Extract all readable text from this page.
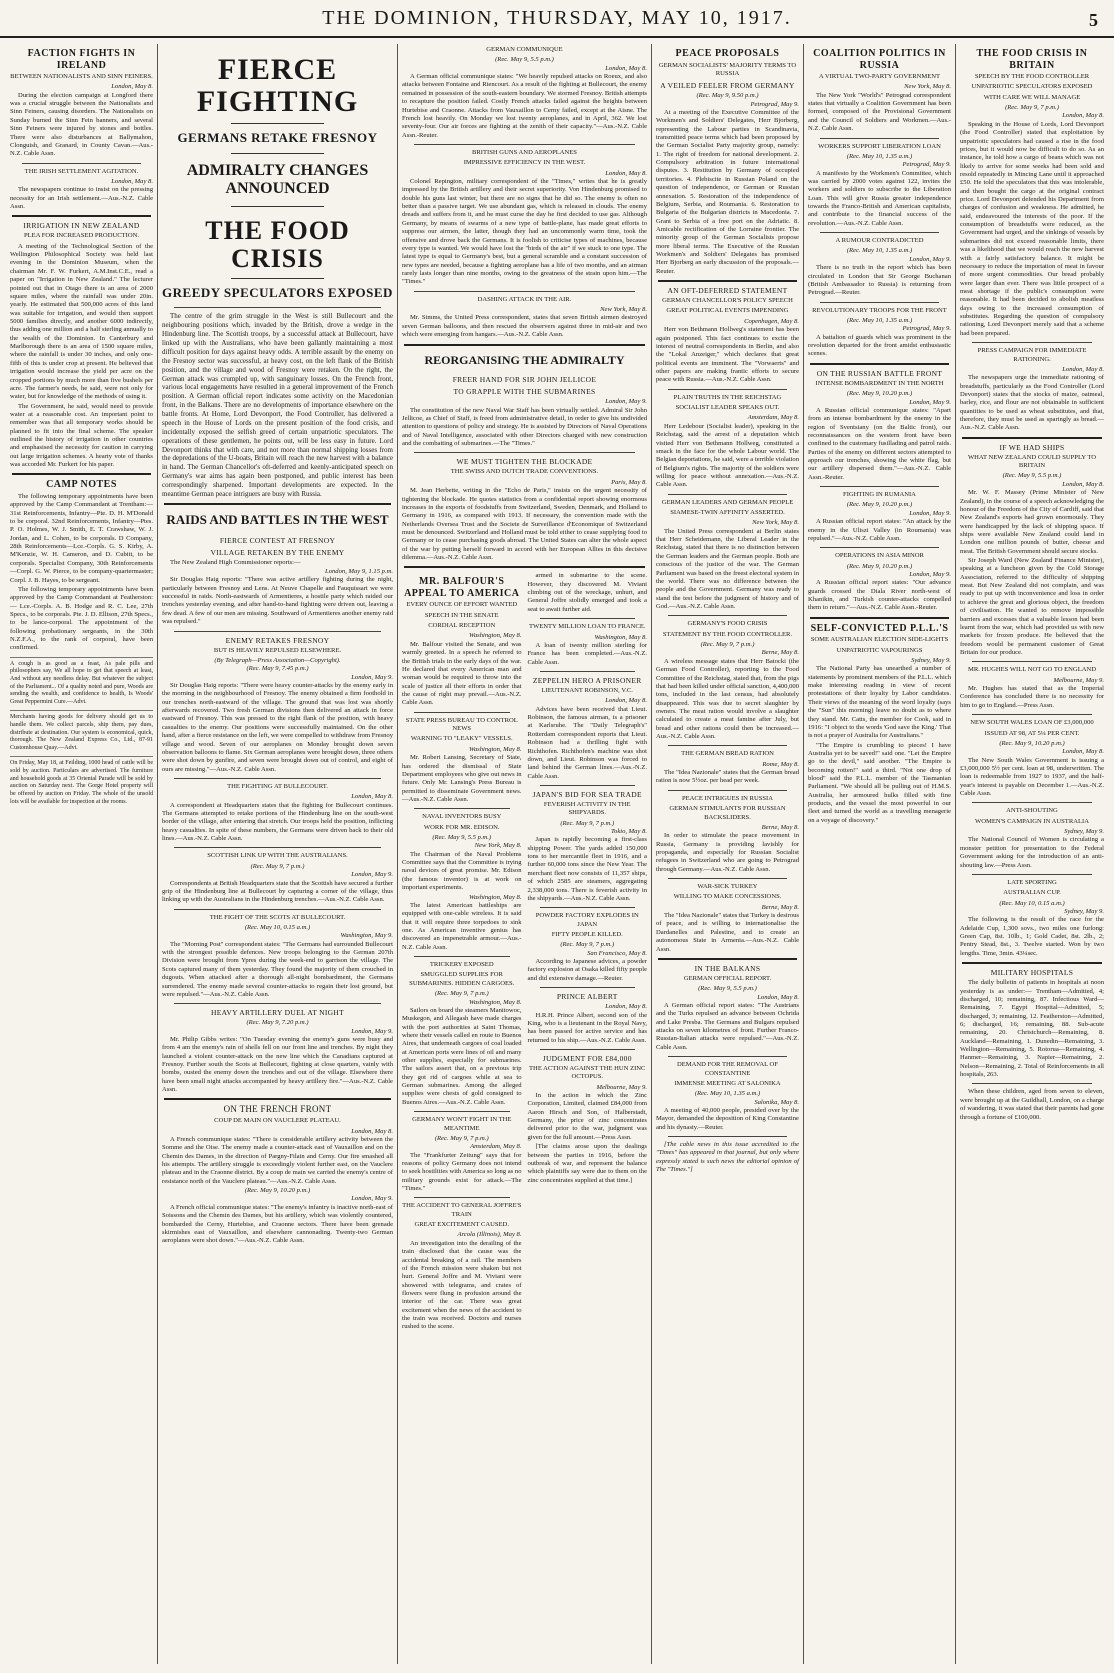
THE DOMINION, THURSDAY, MAY 10, 1917.	5
FACTION FIGHTS IN IRELAND
BETWEEN NATIONALISTS AND SINN FEINERS.
London, May 8.

During the election campaign at Longford there was a crucial struggle between the Nationalists and Sinn Feiners, causing disorders. The Nationalists on Sunday burned the Sinn Fein banners, and several Sinn Feiners were injured by stones and bottles. There were also disturbances at Ballymahon, Clonguish, and Granard, in County Cavan.—Aus.-N.Z. Cable Assn.

THE IRISH SETTLEMENT AGITATION.
London, May 8.

The newspapers continue to insist on the pressing necessity for an Irish settlement.—Aus.-N.Z. Cable Assn.

IRRIGATION IN NEW ZEALAND
PLEA FOR INCREASED PRODUCTION.

A meeting of the Technological Section of the Wellington Philosophical Society was held last evening in the Dominion Museum, when the chairman Mr. F. W. Furkert, A.M.Inst.C.E., read a paper on "Irrigation in New Zealand." The lecturer pointed out that in Otago there is an area of 2000 square miles, where the rainfall was under 20in. yearly. He estimated that 500,000 acres of this land was suitable for irrigation, and would then support 5000 families directly, and another 6000 indirectly, thus adding one million and a half sterling annually to the wealth of the Dominion. In Canterbury and Marlborough there is an area of 1500 square miles, where the rainfall is under 30 inches, and only one-fifth of this is under crop at present. He believed that irrigation would increase the yield per acre on the cropped portions by much more than five bushels per acre. The farmer's needs, he said, were not only for water, but for knowledge of the methods of using it.

The Government, he said, would need to provide water at a reasonable cost. An important point to remember was that all temporary works should be planned to fit into the final scheme. The speaker outlined the history of irrigation in other countries and emphasised the necessity for caution in carrying out large irrigation schemes. A hearty vote of thanks was accorded Mr. Furkert for his paper.

CAMP NOTES

The following temporary appointments have been approved by the Camp Commandant at Trentham:— 31st Reinforcements, Infantry—Pte. D. H. M'Donald to be corporal. 32nd Reinforcements, Infantry—Ptes. P. O. Holmes, W. J. Smith, E. T. Crawshaw, W. J. Jordan, and L. Cohen, to be corporals. D Company, 28th Reinforcements—Lce.-Corpls. G. S. Kirby, A. M'Kenzie, W. H. Cameron, and D. Cubitt, to be corporals. Specialist Company, 30th Reinforcements—Corpl. G. W. Pierce, to be company-quartermaster; Corpl. J. B. Hayes, to be sergeant.

The following temporary appointments have been approved by the Camp Commandant at Featherston:— Lce.-Corpls. A. B. Hodge and R. C. Lee, 27th Specs., to be corporals. Pte. J. D. Ellison, 27th Specs., to be lance-corporal. The appointment of the following probationary sergeants, in the 30th N.Z.F.A., to the rank of corporal, have been confirmed.

A cough is as good as a feast, As pale pills and philosophers say, We all hope to get that speech at least, And without any needless delay. But whatever the subject of the Parliament... Of a quality noted and pure, Woods are sending the wealth, and confidence to health, Is Woods' Great Peppermint Cure.—Advt.
Merchants having goods for delivery should get us to handle them. We collect parcels, ship them, pay dues, distribute at destination. Our system is economical, quick, thorough. The New Zealand Express Co., Ltd., 87-91 Customhouse Quay.—Advt.
On Friday, May 18, at Feilding, 1000 head of cattle will be sold by auction. Particulars are advertised. The furniture and household goods at 35 Oriental Parade will be sold by auction on Saturday next. The Gorge Hotel property will be offered by auction on Friday. The whole of the unsold lots will be available for inspection at the rooms.
FIERCE FIGHTING
GERMANS RETAKE FRESNOY
ADMIRALTY CHANGES ANNOUNCED
THE FOOD CRISIS
GREEDY SPECULATORS EXPOSED

The centre of the grim struggle in the West is still Bullecourt and the neighbouring positions which, invaded by the British, drove a wedge in the Hindenburg line. The Scottish troops, by a successful attack at Bullecourt, have linked up with the Australians, who have been gallantly maintaining a most difficult position for days against heavy odds. A terrible assault by the enemy on the Fresnoy sector was successful, at heavy cost, on the left flank of the British position, and the village and wood of Fresnoy were retaken. On the right, the German attack was crumpled up, with sanguinary losses. On the French front, various local engagements have resulted in a general improvement of the French position. A German official report indicates some activity on the Macedonian front, in the Balkans. There are no developments of importance elsewhere on the battle fronts. At Home, Lord Devonport, the Food Controller, has delivered a speech in the House of Lords on the present position of the food crisis, and incidentally exposed the selfish greed of certain unpatriotic speculators. The operations of these gentlemen, he points out, will be less easy in future. Lord Devonport thinks that with care, and not more than normal shipping losses from the depredations of the U-boats, Britain will reach the new harvest with a balance in hand. The German Chancellor's oft-deferred and keenly-anticipated speech on Germany's war aims has again been postponed, and public interest has been correspondingly sharpened. Important developments are expected. In the meantime German peace intriguers are busy with Russia.

RAIDS AND BATTLES IN THE WEST
FIERCE CONTEST AT FRESNOY
VILLAGE RETAKEN BY THE ENEMY

The New Zealand High Commissioner reports:—

London, May 9, 1.15 p.m.

Sir Douglas Haig reports: "There was active artillery fighting during the night, particularly between Fresnoy and Lens. At Neuve Chapelle and Fauquissart we were successful in raids. North-eastwards of Armentieres, a hostile party which raided our trenches yesterday evening, and after hand-to-hand fighting were driven out, leaving a few dead. A few of our men are missing. Southward of Armentieres another enemy raid was repulsed."

ENEMY RETAKES FRESNOY
BUT IS HEAVILY REPULSED ELSEWHERE.
(By Telegraph—Press Association—Copyright).
(Rec. May 9, 7.45 p.m.)
London, May 9.

Sir Douglas Haig reports: "There were heavy counter-attacks by the enemy early in the morning in the neighbourhood of Fresnoy. The enemy obtained a firm foothold in our trenches north-eastward of the village. The ground that was lost was shortly afterwards recovered. Two fresh German divisions then delivered an attack in force eastward of Fresnoy. This was pressed to the right flank of the position, with heavy casualties to the enemy. Our positions were successfully maintained. On the other hand, after a fierce resistance on the left, we were compelled to withdraw from Fresnoy village and wood. Seven of our aeroplanes on Monday brought down seven observation balloons to flame. Six German aeroplanes were brought down, three others were shot down by gunfire, and seven were brought down out of control, and eight of ours are missing."—Aus.-N.Z. Cable Assn.

THE FIGHTING AT BULLECOURT.
London, May 8.

A correspondent at Headquarters states that the fighting for Bullecourt continues. The Germans attempted to retake portions of the Hindenburg line on the south-west border of the village, after entering that stretch. Our troops held the position, inflicting heavy casualties. In spite of these numbers, the Germans were driven back to their old lines.—Aus.-N.Z. Cable Assn.

SCOTTISH LINK UP WITH THE AUSTRALIANS.
(Rec. May 9, 7 p.m.)
London, May 9.

Correspondents at British Headquarters state that the Scottish have secured a further grip of the Hindenburg line at Bullecourt by capturing a corner of the village, thus linking up with the Australians in the Hindenburg trenches.—Aus.-N.Z. Cable Assn.

THE FIGHT OF THE SCOTS AT BULLECOURT.
(Rec. May 10, 0.15 a.m.)
Washington, May 9.

The "Morning Post" correspondent states: "The Germans had surrounded Bullecourt with the strongest possible defences. New troops belonging to the German 207th Division were brought from Ypres during the week-end to garrison the village. The Scots captured many of them yesterday. They found the majority of them crouched in dugouts. When attacked after a thorough all-night bombardment, the Germans surrendered. The enemy made several counter-attacks to regain their lost ground, but were repulsed."—Aus.-N.Z. Cable Assn.

HEAVY ARTILLERY DUEL AT NIGHT
(Rec. May 9, 7.20 p.m.)
London, May 9.

Mr. Philip Gibbs writes: "On Tuesday evening the enemy's guns were busy and from 4 am the enemy's rain of shells fell on our front line and trenches. By night they launched a violent counter-attack on the new line which the Canadians captured at Fresnoy. Further south the Scots at Bullecourt, fighting at close quarters, vainly with bombs, ousted the enemy down the trenches and out of the village. Elsewhere there have been small night attacks accompanied by heavy artillery fire."—Aus.-N.Z. Cable Assn.

ON THE FRENCH FRONT
COUP DE MAIN ON VAUCLERE PLATEAU.
London, May 8.

A French communique states: "There is considerable artillery activity between the Somme and the Oise. The enemy made a counter-attack east of Vauxaillon and on the Chemin des Dames, in the direction of Pargny-Filain and Cerny. Our fire smashed all his attempts. The artillery struggle is exceedingly violent further east, on the Vauclere plateau and in the Craonne district. By a coup de main we carried the enemy's centre of resistance north of the Vauclere plateau."—Aus.-N.Z. Cable Assn.

(Rec. May 9, 10.20 p.m.)
London, May 9.

A French official communique states: "The enemy's infantry is inactive north-east of Soissons and the Chemin des Dames, but his artillery, which was violently countered, bombarded the Cerny, Hurtebise, and Craonne sectors. There have been grenade skirmishes east of Vauxaillon, and elsewhere cannonading. Twenty-two German aeroplanes were shot down."—Aus.-N.Z. Cable Assn.

GERMAN COMMUNIQUE
(Rec. May 9, 5.5 p.m.)
London, May 8.

A German official communique states: "We heavily repulsed attacks on Roeux, and also attacks between Fontaine and Riencourt. As a result of the fighting at Bullecourt, the enemy remained in possession of the south-eastern boundary. We stormed Fresnoy. British attempts to recapture the position failed. Costly French attacks failed against the heights between Hurtebise and Craonne. Attacks from Vauxaillon to Cerny failed, except at the Aisne. The French lost heavily. On Monday we lost twenty aeroplanes, and in April, 362. We lost seventy-four. Our air forces are fighting at the zenith of their capacity."—Aus.-N.Z. Cable Assn.-Reuter.

BRITISH GUNS AND AEROPLANES
IMPRESSIVE EFFICIENCY IN THE WEST.
London, May 8.

Colonel Repington, military correspondent of the "Times," writes that he is greatly impressed by the British artillery and their secret superiority. Von Hindenburg promised to double his guns last winter, but there are no signs that he did so. The enemy is often no better than a passive target. We use abundant gas, which is released in clouds. The enemy dreads and suffers from it, and he must curse the day he first decided to use gas. Although Germany, by means of swarms of a new type of battle-plane, has made great efforts to suppress our airmen, the latter, though they had an uncommonly warm time, took the offensive and drove back the Germans. It is foolish to criticise types of machines, because every type is wanted. We would have lost the "birds of the air" if we stuck to one type. The latest type is equal to Germany's best, but a general scramble and a constant succession of new types are needed, because a fighting aeroplane has a life of two months, and an airman rarely lasts longer than nine months, owing to the greatness of the strain upon him.—The "Times."

DASHING ATTACK IN THE AIR.
New York, May 8.

Mr. Simms, the United Press correspondent, states that seven British airmen destroyed seven German balloons, and then rescued the observers against three in mid-air and two which were emerging from hangars.—Aus.-N.Z. Cable Assn.

REORGANISING THE ADMIRALTY
FREER HAND FOR SIR JOHN JELLICOE
TO GRAPPLE WITH THE SUBMARINES
London, May 9.

The constitution of the new Naval War Staff has been virtually settled. Admiral Sir John Jellicoe, as Chief of Staff, is freed from administrative detail, in order to give his undivided attention to questions of policy and strategy. He is assisted by Directors of Naval Operations and of Naval Intelligence, associated with other Directors charged with new construction and the combatting of submarines.—The "Times."

WE MUST TIGHTEN THE BLOCKADE
THE SWISS AND DUTCH TRADE CONVENTIONS.
Paris, May 8.

M. Jean Herbette, writing in the "Echo de Paris," insists on the urgent necessity of tightening the blockade. He quotes statistics from a confidential report showing enormous increases in the exports of foodstuffs from Switzerland, Sweden, Denmark, and Holland to Germany in 1916, as compared with 1913. If necessary, the convention made with the Netherlands Oversea Trust and the Societe de Surveillance d'Economique of Switzerland must be denounced. Switzerland and Holland must be told either to cease supplying food to Germany or to cease purchasing goods abroad. The United States can alter the whole aspect of the war by putting herself forward in accord with her European Allies in this decisive dilemma.—Aus.-N.Z. Cable Assn.

MR. BALFOUR'S APPEAL TO AMERICA
EVERY OUNCE OF EFFORT WANTED
SPEECH IN THE SENATE
CORDIAL RECEPTION
Washington, May 8.

Mr. Balfour visited the Senate, and was warmly greeted. In a speech he referred to the British trials in the early days of the war. He declared that every American man and woman would be required to throw into the scale of justice all their efforts in order that the cause of right may prevail.—Aus.-N.Z. Cable Assn.

STATE PRESS BUREAU TO CONTROL NEWS
WARNING TO "LEAKY" VESSELS.
Washington, May 8.

Mr. Robert Lansing, Secretary of State, has ordered the dismissal of State Department employees who give out news in future. Only Mr. Lansing's Press Bureau is permitted to disseminate Government news.—Aus.-N.Z. Cable Assn.

NAVAL INVENTORS BUSY
WORK FOR MR. EDISON.
(Rec. May 9, 5.5 p.m.)
New York, May 8.

The Chairman of the Naval Problems Committee says that the Committee is trying naval devices of great promise. Mr. Edison (the famous inventor) is at work on important experiments.

Washington, May 8.

The latest American battleships are equipped with one-cable wireless. It is said that it will require three torpedoes to sink one. As American inventive genius has discovered an impenetrable armour.—Aus.-N.Z. Cable Assn.

TRICKERY EXPOSED
SMUGGLED SUPPLIES FOR SUBMARINES. HIDDEN CARGOES.
(Rec. May 9, 7 p.m.)
Washington, May 8.

Sailors on board the steamers Manitowoc, Muskegon, and Allegash have made charges with the port authorities at Saint Thomas, where their vessels called en route to Buenos Aires, that underneath cargoes of coal loaded at American ports were lines of oil and many other supplies, especially for submarines. The sailors assert that, on a previous trip they got rid of cargoes while at sea to German submarines. Among the alleged supplies were chests of gold consigned to Buenos Aires.—Aus.-N.Z. Cable Assn.

GERMANY WON'T FIGHT IN THE MEANTIME
(Rec. May 9, 7 p.m.)
Amsterdam, May 8.

The "Frankfurter Zeitung" says that for reasons of policy Germany does not intend to seek hostilities with America so long as no military grounds exist for attack.—The "Times."

THE ACCIDENT TO GENERAL JOFFRE'S TRAIN
GREAT EXCITEMENT CAUSED.
Arcola (Illinois), May 8.

An investigation into the derailing of the train disclosed that the cause was the accidental breaking of a rail. The members of the French mission were shaken but not hurt. General Joffre and M. Viviani were showered with telegrams, and crates of flowers were flung in profusion around the interior of the car. There was great excitement when the news of the accident to the train was received. Doctors and nurses rushed to the scene.

armed in submarine to the scene. However, they discovered M. Viviani climbing out of the wreckage, unhurt, and General Joffre stolidly emerged and took a seat to await further aid.

TWENTY MILLION LOAN TO FRANCE.
Washington, May 8.

A loan of twenty million sterling for France has been completed.—Aus.-N.Z. Cable Assn.

ZEPPELIN HERO A PRISONER
LIEUTENANT ROBINSON, V.C.
London, May 8.

Advices have been received that Lieut. Robinson, the famous airman, is a prisoner at Karlsruhe. The "Daily Telegraph's" Rotterdam correspondent reports that Lieut. Robinson had a thrilling fight with Richthofen. Richthofen's machine was shot down, and Lieut. Robinson was forced to land behind the German lines.—Aus.-N.Z. Cable Assn.

JAPAN'S BID FOR SEA TRADE
FEVERISH ACTIVITY IN THE SHIPYARDS.
(Rec. May 9, 7 p.m.)
Tokio, May 8.

Japan is rapidly becoming a first-class shipping Power. The yards added 150,000 tons to her mercantile fleet in 1916, and a further 60,000 tons since the New Year. The merchant fleet now consists of 11,357 ships, of which 2585 are steamers, aggregating 2,338,000 tons. There is feverish activity in the shipyards.—Aus.-N.Z. Cable Assn.

POWDER FACTORY EXPLODES IN JAPAN
FIFTY PEOPLE KILLED.
(Rec. May 9, 7 p.m.)
San Francisco, May 8.

According to Japanese advices, a powder factory explosion at Osaka killed fifty people and did extensive damage.—Reuter.

PRINCE ALBERT
London, May 8.

H.R.H. Prince Albert, second son of the King, who is a lieutenant in the Royal Navy, has been passed for active service and has returned to his ship.—Aus.-N.Z. Cable Assn.

JUDGMENT FOR £84,000
THE ACTION AGAINST THE HUN ZINC OCTOPUS.
Melbourne, May 9.

In the action in which the Zinc Corporation, Limited, claimed £84,000 from Aaron Hirsch and Son, of Halberstadt, Germany, the price of zinc concentrates delivered prior to the war, judgment was given for the full amount.—Press Assn.

[The claims arose upon the dealings between the parties in 1916, before the outbreak of war, and represent the balance which plaintiffs say were due to them on the zinc concentrates supplied at that time.]

PEACE PROPOSALS
GERMAN SOCIALISTS' MAJORITY TERMS TO RUSSIA
A VEILED FEELER FROM GERMANY
(Rec. May 9, 9.50 p.m.)
Petrograd, May 9.

At a meeting of the Executive Committee of the Workmen's and Soldiers' Delegates, Herr Bjorberg, representing the Labour parties in Scandinavia, transmitted peace terms which had been proposed by the German Socialist Party majority group, namely: 1. The right of freedom for national development. 2. Compulsory arbitration in future international disputes. 3. Restitution by Germany of occupied territories. 4. Plebiscite in Russian Poland on the question of independence, or German or Russian annexation. 5. Restoration of the independence of Belgium, Serbia, and Roumania. 6. Restoration to Bulgaria of the Bulgarian districts in Macedonia. 7. Grant to Serbia of a free port on the Adriatic. 8. Amicable rectification of the Lorraine frontier. The minority group of the German Socialists propose more liberal terms. The Executive of the Russian Workmen's and Soldiers' Delegates has promised Herr Bjorberg an early discussion of the proposals.—Reuter.

AN OFT-DEFERRED STATEMENT
GERMAN CHANCELLOR'S POLICY SPEECH
GREAT POLITICAL EVENTS IMPENDING
Copenhagen, May 8.

Herr von Bethmann Hollweg's statement has been again postponed. This fact continues to excite the interest of neutral correspondents in Berlin, and also the "Lokal Anzeiger," which declares that great political events are imminent. The "Vorwaerts" and other papers are making frantic efforts to secure peace with Russia.—Aus.-N.Z. Cable Assn.

PLAIN TRUTHS IN THE REICHSTAG
SOCIALIST LEADER SPEAKS OUT.
Amsterdam, May 8.

Herr Ledebour (Socialist leader), speaking in the Reichstag, said the arrest of a deputation which visited Herr von Bethmann Hollweg, constituted a smack in the face for the whole Labour world. The Belgian deportations, he said, were a terrible violation of Belgium's rights. The majority of the soldiers were willing for peace without annexation.—Aus.-N.Z. Cable Assn.

GERMAN LEADERS AND GERMAN PEOPLE
SIAMESE-TWIN AFFINITY ASSERTED.
New York, May 8.

The United Press correspondent at Berlin states that Herr Scheidemann, the Liberal Leader in the Reichstag, stated that there is no distinction between the German leaders and the German people. Both are conscious of the justice of the war. The German Parliament was based on the freest electoral system in the world. There was no difference between the people and the Government. Germany was ready to stand the test before the judgment of history and of God.—Aus.-N.Z. Cable Assn.

GERMANY'S FOOD CRISIS
STATEMENT BY THE FOOD CONTROLLER.
(Rec. May 9, 7 p.m.)
Berne, May 8.

A wireless message states that Herr Batocki (the German Food Controller), reporting to the Food Committee of the Reichstag, stated that, from the pigs that had been killed under official sanction, 4,400,000 tons, included in the last census, had absolutely disappeared. This was due to secret slaughter by owners. The meat ration would involve a slaughter calculated to create a meat famine after July, but bread and other rations could then be increased.—Aus.-N.Z. Cable Assn.

THE GERMAN BREAD RATION
Rome, May 8.

The "Idea Nazionale" states that the German bread ration is now 5½oz. per head per week.

PEACE INTRIGUES IN RUSSIA
GERMAN STIMULANTS FOR RUSSIAN BACKSLIDERS.
Berne, May 8.

In order to stimulate the peace movement in Russia, Germany is providing lavishly for propaganda, and especially for Russian Socialist refugees in Switzerland who are going to Petrograd through Germany.—Aus.-N.Z. Cable Assn.

WAR-SICK TURKEY
WILLING TO MAKE CONCESSIONS.
Berne, May 8.

The "Idea Nazionale" states that Turkey is desirous of peace, and is willing to internationalise the Dardanelles and Palestine, and to create an autonomous State in Armenia.—Aus.-N.Z. Cable Assn.

IN THE BALKANS
GERMAN OFFICIAL REPORT.
(Rec. May 9, 5.5 p.m.)
London, May 8.

A German official report states: "The Austrians and the Turks repulsed an advance between Ochrida and Lake Presba. The Germans and Bulgars repulsed attacks on seven kilometres of front. Further Franco-Russian-Italian attacks were repulsed."—Aus.-N.Z. Cable Assn.

DEMAND FOR THE REMOVAL OF CONSTANTINE
IMMENSE MEETING AT SALONIKA
(Rec. May 10, 1.35 a.m.)
Salonika, May 8.

A meeting of 40,000 people, presided over by the Mayor, demanded the deposition of King Constantine and his dynasty.—Reuter.

[The cable news in this issue accredited to the "Times" has appeared in that journal, but only where expressly stated is such news the editorial opinion of The "Times."]

COALITION POLITICS IN RUSSIA
A VIRTUAL TWO-PARTY GOVERNMENT
New York, May 8.

The New York "World's" Petrograd correspondent states that virtually a Coalition Government has been formed, composed of the Provisional Government and the Council of Soldiers and Workmen.—Aus.-N.Z. Cable Assn.

WORKERS SUPPORT LIBERATION LOAN
(Rec. May 10, 1.35 a.m.)
Petrograd, May 9.

A manifesto by the Workmen's Committee, which was carried by 2000 votes against 122, invites the workers and soldiers to subscribe to the Liberation Loan. This will give Russia greater independence towards the Franco-British and American capitalists, and contribute to the financial success of the revolution.—Aus.-N.Z. Cable Assn.

A RUMOUR CONTRADICTED
(Rec. May 10, 1.35 a.m.)
London, May 9.

There is no truth in the report which has been circulated in London that Sir George Buchanan (British Ambassador to Russia) is returning from Petrograd.—Reuter.

REVOLUTIONARY TROOPS FOR THE FRONT
(Rec. May 10, 1.35 a.m.)
Petrograd, May 9.

A battalion of guards which was prominent in the revolution departed for the front amidst enthusiastic scenes.

ON THE RUSSIAN BATTLE FRONT
INTENSE BOMBARDMENT IN THE NORTH
(Rec. May 9, 10.20 p.m.)
London, May 9.

A Russian official communique states: "Apart from an intense bombardment by the enemy in the region of Sventsiany (on the Baltic front), our reconnaissances on the western front have been confined to the customary fusillading and patrol raids. Parties of the enemy on different sectors attempted to approach our trenches, showing the white flag, but our artillery dispersed them."—Aus.-N.Z. Cable Assn.-Reuter.

FIGHTING IN RUMANIA
(Rec. May 9, 10.20 p.m.)
London, May 9.

A Russian official report states: "An attack by the enemy in the Uliszi Valley (in Roumania) was repulsed."—Aus.-N.Z. Cable Assn.

OPERATIONS IN ASIA MINOR
(Rec. May 9, 10.20 p.m.)
London, May 9.

A Russian official report states: "Our advance guards crossed the Diala River north-west of Khanikin, and Turkish counter-attacks compelled them to return."—Aus.-N.Z. Cable Assn.-Reuter.

SELF-CONVICTED P.L.L.'S
SOME AUSTRALIAN ELECTION SIDE-LIGHTS
UNPATRIOTIC VAPOURINGS
Sydney, May 9.

The National Party has unearthed a number of statements by prominent members of the P.L.L. which make interesting reading in view of recent protestations of their loyalty by Labor candidates. Their views of the meaning of the word loyalty (says the "Sun" this morning) leave no doubt as to where they stand. Mr. Catts, the member for Cook, said in 1916: "I object to the words 'God save the King.' That is not a prayer of Australia for Australians."

"The Empire is crumbling to pieces! I have Australia yet to be saved!" said one. "Let the Empire go to the devil," said another. "The Empire is becoming rotten!" said a third. "Not one drop of blood" said the P.L.L. member of the Tasmanian Parliament. "We should all be pulling out of H.M.S. Australia, her armoured hulks filled with fine products, and the vessel the most powerful in our fleet and turned the world as a travelling menagerie on a voyage of discovery."

THE FOOD CRISIS IN BRITAIN
SPEECH BY THE FOOD CONTROLLER
UNPATRIOTIC SPECULATORS EXPOSED
WITH CARE WE WILL MANAGE
(Rec. May 9, 7 p.m.)
London, May 8.

Speaking in the House of Lords, Lord Devonport (the Food Controller) stated that exploitation by unpatriotic speculators had caused a rise in the food prices, but it would now be difficult to do so. As an instance, he told how a cargo of beans which was not likely to arrive for some weeks had been sold and resold repeatedly in Mincing Lane until it approached £50. He told the speculators that this was intolerable, and then bought the cargo at the original contract price. Lord Devonport defended his Department from charges of confusion and weakness. He admitted, he said, endeavoured the interests of the poor. If the consumption of breadstuffs were reduced, as the Government had urged, and the sinkings of vessels by submarines did not exceed reasonable limits, there was a likelihood that we would reach the new harvest with a fairly satisfactory balance. It might be necessary to reduce the importation of meat in favour of more urgent commodities. Our bread probably were larger than ever. There was little prospect of a meat shortage if the public's consumption were reasonable. It had been decided to abolish meatless days owing to the increased consumption of substitutes. Regarding the question of compulsory rationing, Lord Devonport merely said that a scheme had been prepared.

PRESS CAMPAIGN FOR IMMEDIATE RATIONING.
London, May 8.

The newspapers urge the immediate rationing of breadstuffs, particularly as the Food Controller (Lord Devonport) states that the stocks of maize, oatmeal, barley, rice, and flour are not obtainable in sufficient quantities to be used as wheat substitutes, and that, therefore, they must be used as sparingly as bread.—Aus.-N.Z. Cable Assn.

IF WE HAD SHIPS
WHAT NEW ZEALAND COULD SUPPLY TO BRITAIN
(Rec. May 9, 5.5 p.m.)
London, May 8.

Mr. W. F. Massey (Prime Minister of New Zealand), in the course of a speech acknowledging the honour of the Freedom of the City of Cardiff, said that New Zealand's exports had grown enormously. They were handicapped by the lack of shipping space. If ships were available New Zealand could land in London one million pounds of butter, cheese and meat. The British Government should secure stocks.

Sir Joseph Ward (New Zealand Finance Minister), speaking at a luncheon given by the Cold Storage Association, referred to the difficulty of shipping meat. But New Zealand did not complain, and was ready to put up with inconvenience and loss in order to achieve the great and glorious object, the freedom of civilisation. He wanted to remove impossible barriers and excesses that a valuable lesson had been learnt from the war, which had provided us with new markets for frozen produce. He believed that the freedom would be permanent customer of Great Britain for our produce.

MR. HUGHES WILL NOT GO TO ENGLAND
Melbourne, May 9.

Mr. Hughes has stated that as the Imperial Conference has concluded there is no necessity for him to go to England.—Press Assn.

NEW SOUTH WALES LOAN OF £3,000,000
ISSUED AT 98, AT 5¼ PER CENT.
(Rec. May 9, 10.20 p.m.)
London, May 8.

The New South Wales Government is issuing a £3,000,000 5½ per cent. loan at 98, underwritten. The loan is redeemable from 1927 to 1937, and the half-year's interest is payable on December 1.—Aus.-N.Z. Cable Assn.

ANTI-SHOUTING
WOMEN'S CAMPAIGN IN AUSTRALIA
Sydney, May 9.

The National Council of Women is circulating a monster petition for presentation to the Federal Government asking for the introduction of an anti-shouting law.—Press Assn.

LATE SPORTING
AUSTRALIAN CUP.
(Rec. May 10, 0.15 a.m.)
Sydney, May 9.

The following is the result of the race for the Adelaide Cup, 1,300 sovs., two miles one furlong: Green Cap, 8st. 10lb., 1; Gold Cadet, 8st. 2lb., 2; Pentry Stead, 8st., 3. Twelve started. Won by two lengths. Time, 3min. 43¼sec.

MILITARY HOSPITALS

The daily bulletin of patients in hospitals at noon yesterday is as under:— Trentham—Admitted, 4; discharged, 10; remaining, 87. Infectious Ward—Remaining, 7. Egypt Hospital—Admitted, 5; discharged, 3; remaining, 12. Featherston—Admitted, 6; discharged, 16; remaining, 88. Sub-acute remaining, 20. Christchurch—Remaining, 8. Auckland—Remaining, 1. Dunedin—Remaining, 3. Wellington—Remaining, 5. Rotorua—Remaining, 4. Hanmer—Remaining, 3. Napier—Remaining, 2. Nelson—Remaining, 2. Total of Reinforcements in all hospitals, 263.

When these children, aged from seven to eleven, were brought up at the Guildhall, London, on a charge of wandering, it was stated that their parents had gone through a fortune of £100,000.
